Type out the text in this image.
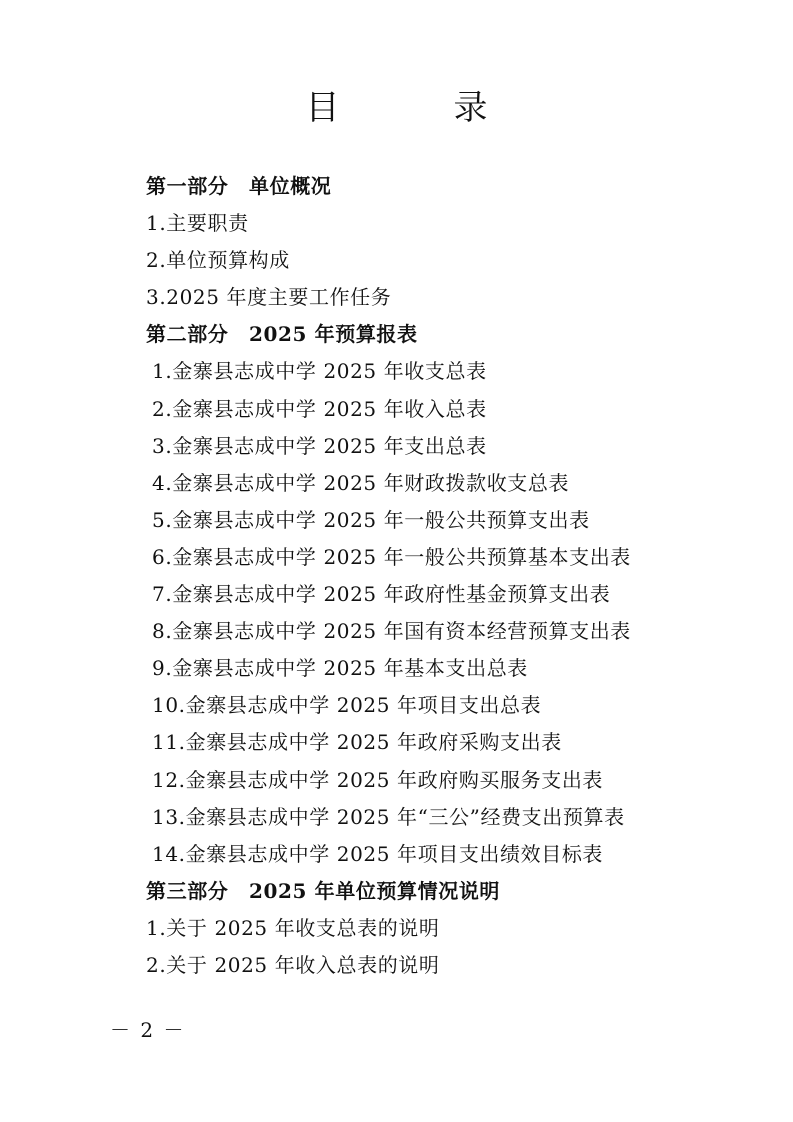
目　录
第一部分　单位概况
1.主要职责
2.单位预算构成
3.2025 年度主要工作任务
第二部分　2025 年预算报表
1.金寨县志成中学 2025 年收支总表
2.金寨县志成中学 2025 年收入总表
3.金寨县志成中学 2025 年支出总表
4.金寨县志成中学 2025 年财政拨款收支总表
5.金寨县志成中学 2025 年一般公共预算支出表
6.金寨县志成中学 2025 年一般公共预算基本支出表
7.金寨县志成中学 2025 年政府性基金预算支出表
8.金寨县志成中学 2025 年国有资本经营预算支出表
9.金寨县志成中学 2025 年基本支出总表
10.金寨县志成中学 2025 年项目支出总表
11.金寨县志成中学 2025 年政府采购支出表
12.金寨县志成中学 2025 年政府购买服务支出表
13.金寨县志成中学 2025 年“三公”经费支出预算表
14.金寨县志成中学 2025 年项目支出绩效目标表
第三部分　2025 年单位预算情况说明
1.关于 2025 年收支总表的说明
2.关于 2025 年收入总表的说明
－ 2 －
